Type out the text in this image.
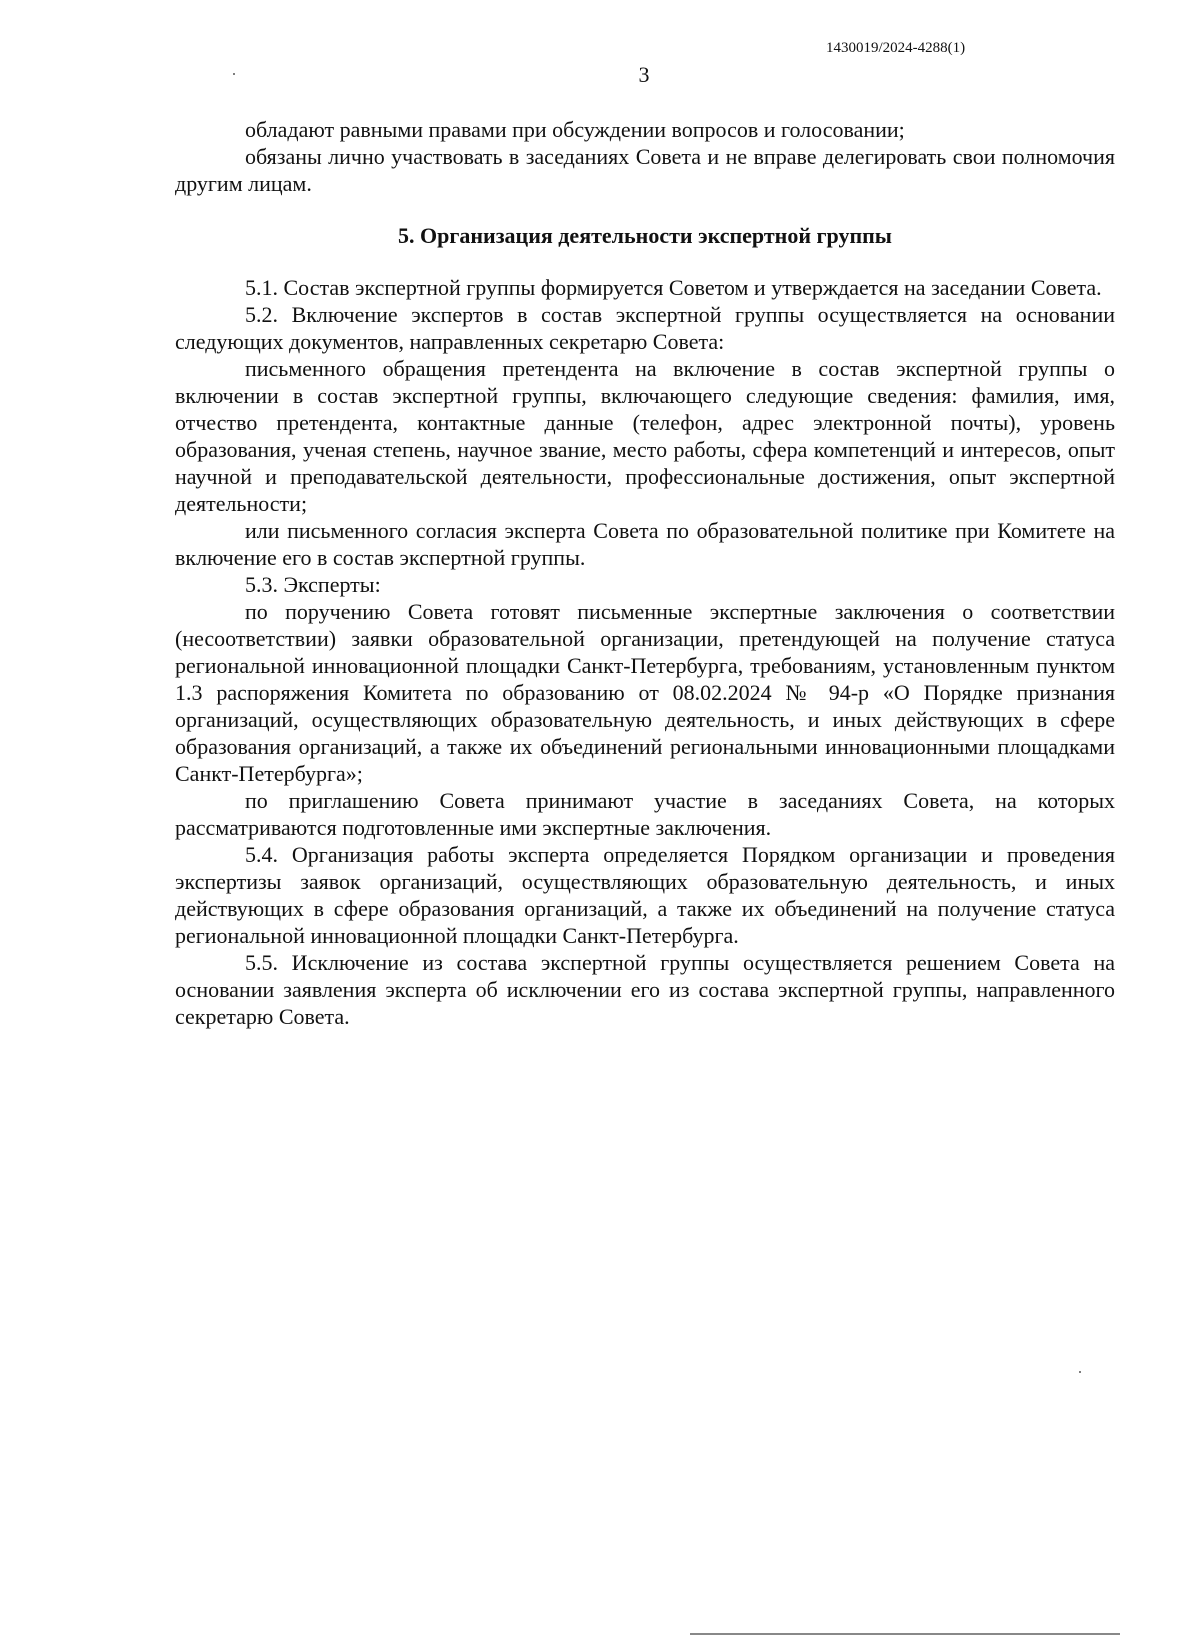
1430019/2024-4288(1)
3

обладают равными правами при обсуждении вопросов и голосовании;

обязаны лично участвовать в заседаниях Совета и не вправе делегировать свои полномочия другим лицам.

5. Организация деятельности экспертной группы

5.1. Состав экспертной группы формируется Советом и утверждается на заседании Совета.

5.2. Включение экспертов в состав экспертной группы осуществляется на основании следующих документов, направленных секретарю Совета:

письменного обращения претендента на включение в состав экспертной группы о включении в состав экспертной группы, включающего следующие сведения: фамилия, имя, отчество претендента, контактные данные (телефон, адрес электронной почты), уровень образования, ученая степень, научное звание, место работы, сфера компетенций и интересов, опыт научной и преподавательской деятельности, профессиональные достижения, опыт экспертной деятельности;

или письменного согласия эксперта Совета по образовательной политике при Комитете на включение его в состав экспертной группы.

5.3. Эксперты:

по поручению Совета готовят письменные экспертные заключения о соответствии (несоответствии) заявки образовательной организации, претендующей на получение статуса региональной инновационной площадки Санкт-Петербурга, требованиям, установленным пунктом 1.3 распоряжения Комитета по образованию от 08.02.2024 № 94-р «О Порядке признания организаций, осуществляющих образовательную деятельность, и иных действующих в сфере образования организаций, а также их объединений региональными инновационными площадками Санкт-Петербурга»;

по приглашению Совета принимают участие в заседаниях Совета, на которых рассматриваются подготовленные ими экспертные заключения.

5.4. Организация работы эксперта определяется Порядком организации и проведения экспертизы заявок организаций, осуществляющих образовательную деятельность, и иных действующих в сфере образования организаций, а также их объединений на получение статуса региональной инновационной площадки Санкт-Петербурга.

5.5. Исключение из состава экспертной группы осуществляется решением Совета на основании заявления эксперта об исключении его из состава экспертной группы, направленного секретарю Совета.
